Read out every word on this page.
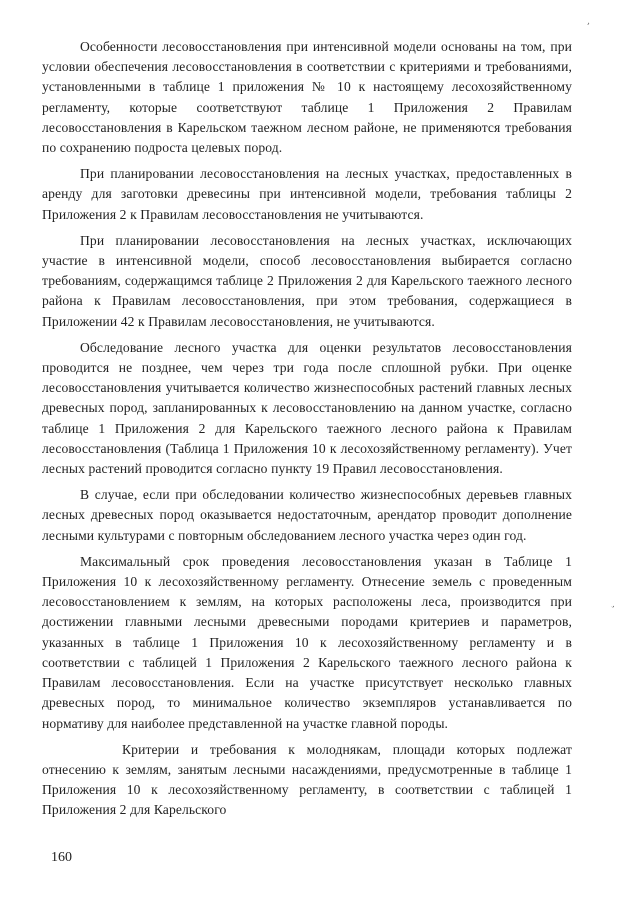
,

Особенности лесовосстановления при интенсивной модели основаны на том, при условии обеспечения лесовосстановления в соответствии с критериями и требованиями, установленными в таблице 1 приложения № 10 к настоящему лесохозяйственному регламенту, которые соответствуют таблице 1 Приложения 2 Правилам лесовосстановления в Карельском таежном лесном районе, не применяются требования по сохранению подроста целевых пород.

При планировании лесовосстановления на лесных участках, предоставленных в аренду для заготовки древесины при интенсивной модели, требования таблицы 2 Приложения 2 к Правилам лесовосстановления не учитываются.

При планировании лесовосстановления на лесных участках, исключающих участие в интенсивной модели, способ лесовосстановления выбирается согласно требованиям, содержащимся таблице 2 Приложения 2 для Карельского таежного лесного района к Правилам лесовосстановления, при этом требования, содержащиеся в Приложении 42 к Правилам лесовосстановления, не учитываются.

Обследование лесного участка для оценки результатов лесовосстановления проводится не позднее, чем через три года после сплошной рубки. При оценке лесовосстановления учитывается количество жизнеспособных растений главных лесных древесных пород, запланированных к лесовосстановлению на данном участке, согласно таблице 1 Приложения 2 для Карельского таежного лесного района к Правилам лесовосстановления (Таблица 1 Приложения 10 к лесохозяйственному регламенту). Учет лесных растений проводится согласно пункту 19 Правил лесовосстановления.

В случае, если при обследовании количество жизнеспособных деревьев главных лесных древесных пород оказывается недостаточным, арендатор проводит дополнение лесными культурами с повторным обследованием лесного участка через один год.

Максимальный срок проведения лесовосстановления указан в Таблице 1 Приложения 10 к лесохозяйственному регламенту. Отнесение земель с проведенным лесовосстановлением к землям, на которых расположены леса, производится при достижении главными лесными древесными породами критериев и параметров, указанных в таблице 1 Приложения 10 к лесохозяйственному регламенту и в соответствии с таблицей 1 Приложения 2 Карельского таежного лесного района к Правилам лесовосстановления. Если на участке присутствует несколько главных древесных пород, то минимальное количество экземпляров устанавливается по нормативу для наиболее представленной на участке главной породы.

Критерии и требования к молоднякам, площади которых подлежат отнесению к землям, занятым лесными насаждениями, предусмотренные в таблице 1 Приложения 10 к лесохозяйственному регламенту, в соответствии с таблицей 1 Приложения 2 для Карельского

,
160
